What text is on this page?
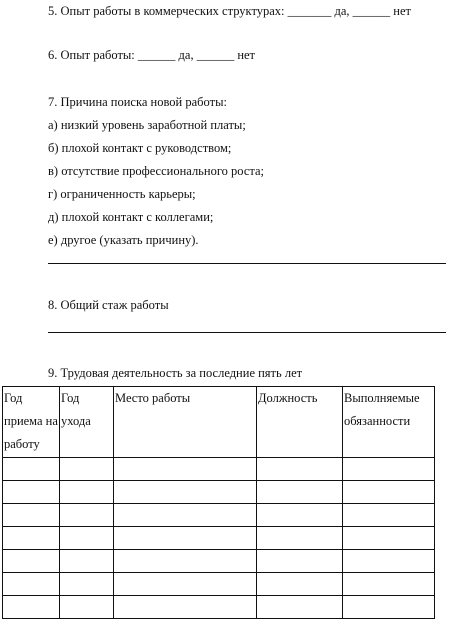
5. Опыт работы в коммерческих структурах: _______ да, ______ нет
6. Опыт работы: ______ да, ______ нет
7. Причина поиска новой работы:
а) низкий уровень заработной платы;
б) плохой контакт с руководством;
в) отсутствие профессионального роста;
г) ограниченность карьеры;
д) плохой контакт с коллегами;
е) другое (указать причину).
8. Общий стаж работы
9. Трудовая деятельность за последние пять лет
Год приема на работу	Год ухода	Место работы	Должность	Выполняемые обязанности
